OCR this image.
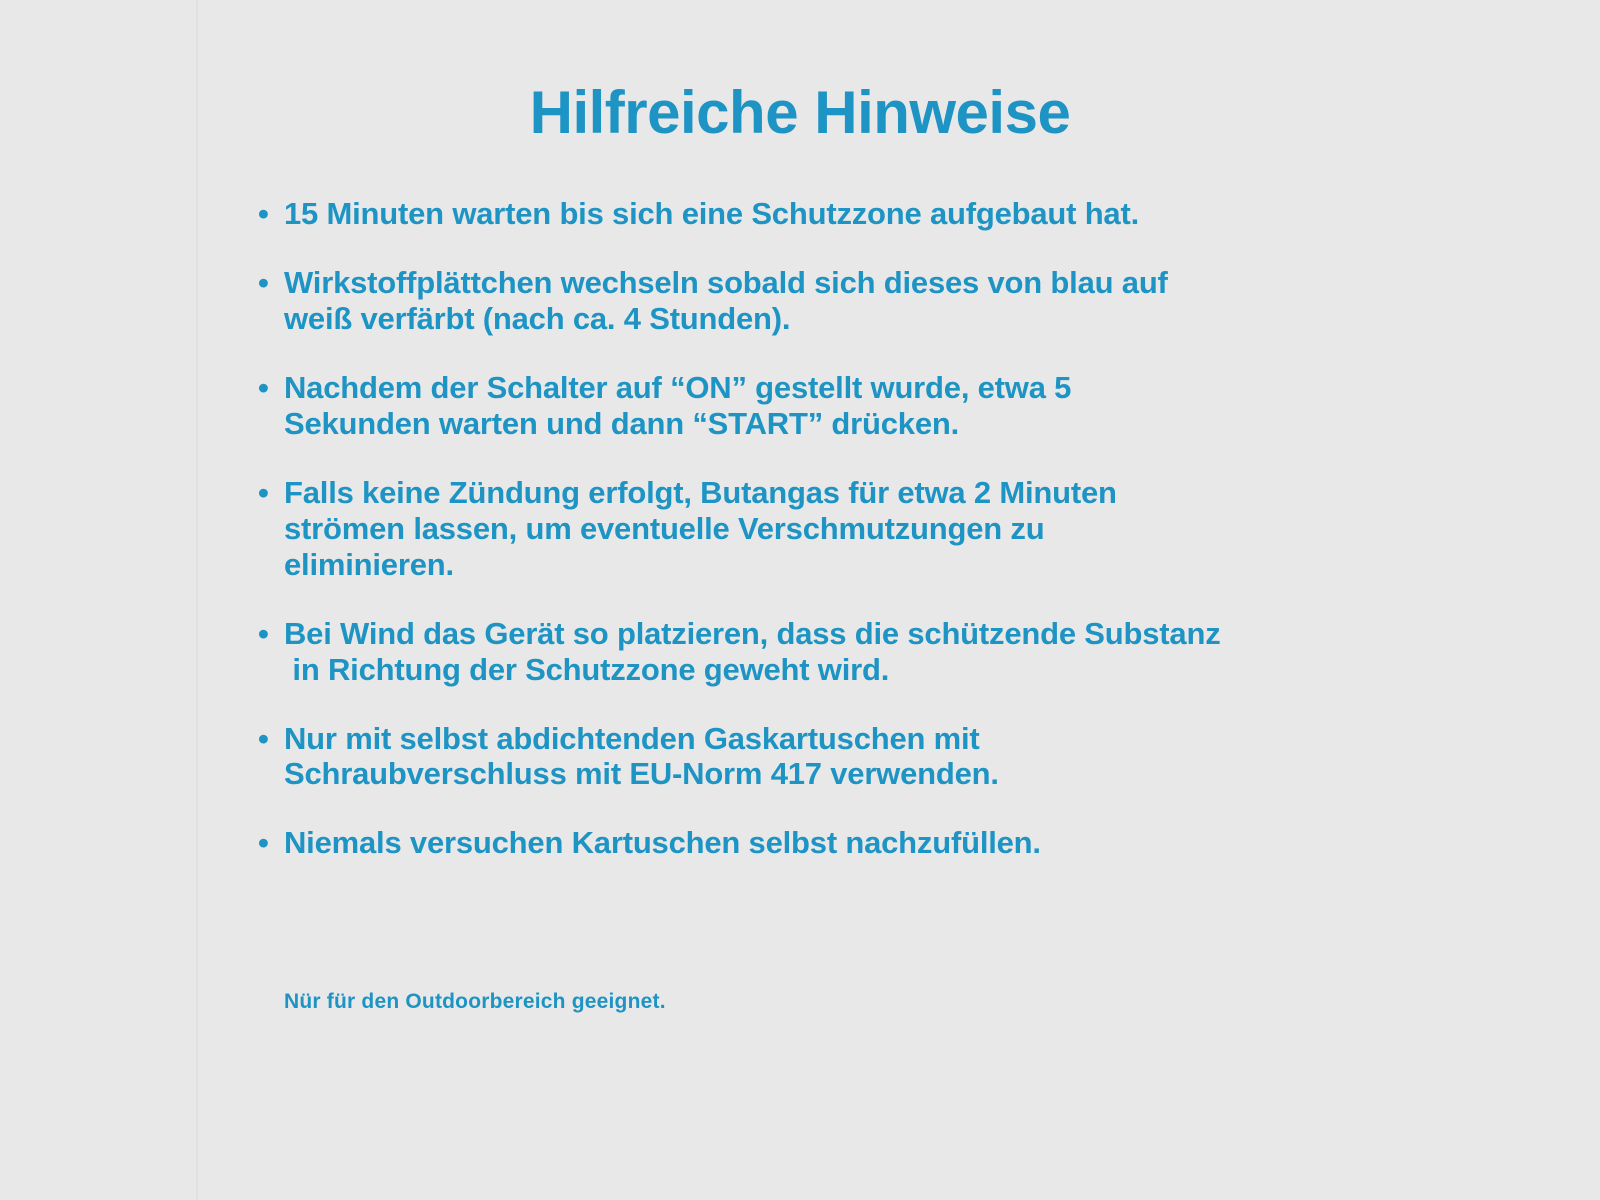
Hilfreiche Hinweise
• 15 Minuten warten bis sich eine Schutzzone aufgebaut hat.
• Wirkstoffplättchen wechseln sobald sich dieses von blau auf
weiß verfärbt (nach ca. 4 Stunden).
• Nachdem der Schalter auf “ON” gestellt wurde, etwa 5
Sekunden warten und dann “START” drücken.
• Falls keine Zündung erfolgt, Butangas für etwa 2 Minuten
strömen lassen, um eventuelle Verschmutzungen zu
eliminieren.
• Bei Wind das Gerät so platzieren, dass die schützende Substanz
in Richtung der Schutzzone geweht wird.
• Nur mit selbst abdichtenden Gaskartuschen mit
Schraubverschluss mit EU-Norm 417 verwenden.
• Niemals versuchen Kartuschen selbst nachzufüllen.
Nür für den Outdoorbereich geeignet.
